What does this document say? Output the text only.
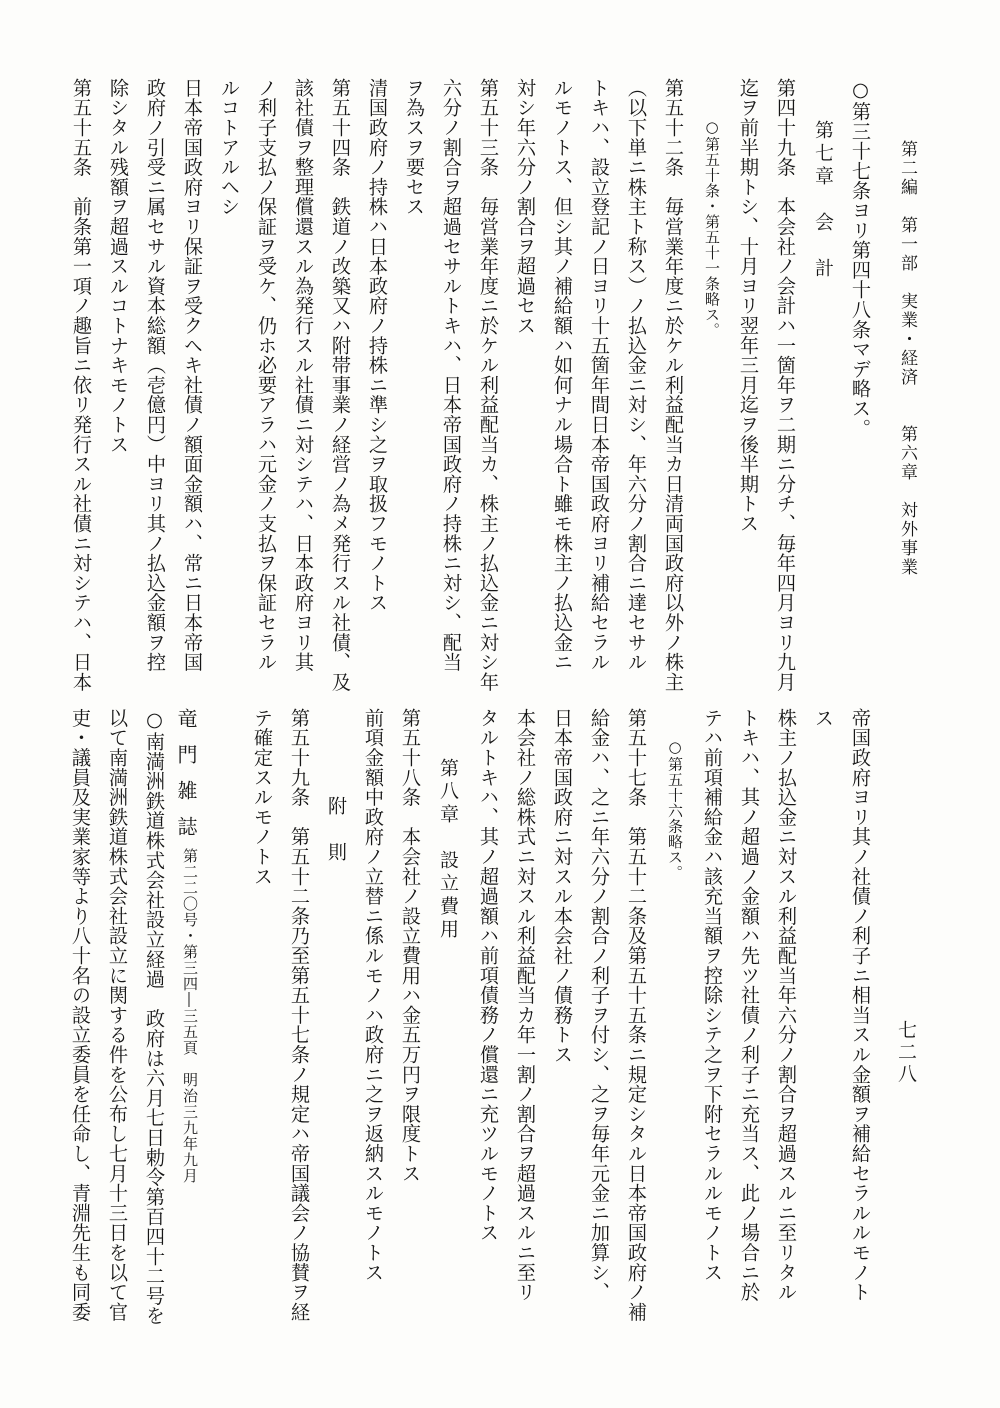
第二編　第一部　実業・経済　　第六章　対外事業

七二八

○第三十七条ヨリ第四十八条マデ略ス。

第七章　会　計

第四十九条　本会社ノ会計ハ一箇年ヲ二期ニ分チ、毎年四月ヨリ九月

迄ヲ前半期トシ、十月ヨリ翌年三月迄ヲ後半期トス

○第五十条・第五十一条略ス。

第五十二条　毎営業年度ニ於ケル利益配当カ日清両国政府以外ノ株主

（以下単ニ株主ト称ス）ノ払込金ニ対シ、年六分ノ割合ニ達セサル

トキハ、設立登記ノ日ヨリ十五箇年間日本帝国政府ヨリ補給セラル

ルモノトス、但シ其ノ補給額ハ如何ナル場合ト雖モ株主ノ払込金ニ

対シ年六分ノ割合ヲ超過セス

第五十三条　毎営業年度ニ於ケル利益配当カ、株主ノ払込金ニ対シ年

六分ノ割合ヲ超過セサルトキハ、日本帝国政府ノ持株ニ対シ、配当

ヲ為スヲ要セス

清国政府ノ持株ハ日本政府ノ持株ニ準シ之ヲ取扱フモノトス

第五十四条　鉄道ノ改築又ハ附帯事業ノ経営ノ為メ発行スル社債、及

該社債ヲ整理償還スル為発行スル社債ニ対シテハ、日本政府ヨリ其

ノ利子支払ノ保証ヲ受ケ、仍ホ必要アラハ元金ノ支払ヲ保証セラル

ルコトアルヘシ

日本帝国政府ヨリ保証ヲ受クヘキ社債ノ額面金額ハ、常ニ日本帝国

政府ノ引受ニ属セサル資本総額（壱億円）中ヨリ其ノ払込金額ヲ控

除シタル残額ヲ超過スルコトナキモノトス

第五十五条　前条第一項ノ趣旨ニ依リ発行スル社債ニ対シテハ、日本

帝国政府ヨリ其ノ社債ノ利子ニ相当スル金額ヲ補給セラルルモノト

ス

株主ノ払込金ニ対スル利益配当年六分ノ割合ヲ超過スルニ至リタル

トキハ、其ノ超過ノ金額ハ先ツ社債ノ利子ニ充当ス、此ノ場合ニ於

テハ前項補給金ハ該充当額ヲ控除シテ之ヲ下附セラルルモノトス

○第五十六条略ス。

第五十七条　第五十二条及第五十五条ニ規定シタル日本帝国政府ノ補

給金ハ、之ニ年六分ノ割合ノ利子ヲ付シ、之ヲ毎年元金ニ加算シ、

日本帝国政府ニ対スル本会社ノ債務トス

本会社ノ総株式ニ対スル利益配当カ年一割ノ割合ヲ超過スルニ至リ

タルトキハ、其ノ超過額ハ前項債務ノ償還ニ充ツルモノトス

第八章　設立費用

第五十八条　本会社ノ設立費用ハ金五万円ヲ限度トス

前項金額中政府ノ立替ニ係ルモノハ政府ニ之ヲ返納スルモノトス

附　則

第五十九条　第五十二条乃至第五十七条ノ規定ハ帝国議会ノ協賛ヲ経

テ確定スルモノトス

竜門雑誌

第二二〇号・第三四―三五頁　明治三九年九月

○南満洲鉄道株式会社設立経過　政府は六月七日勅令第百四十二号を

以て南満洲鉄道株式会社設立に関する件を公布し七月十三日を以て官

吏・議員及実業家等より八十名の設立委員を任命し、青淵先生も同委
